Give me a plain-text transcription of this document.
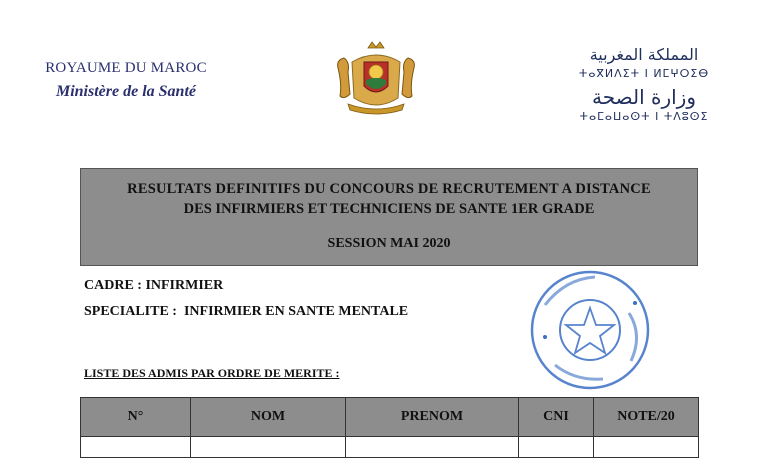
ROYAUME DU MAROC
Ministère de la Santé
المملكة المغربية
ⵜⴰⴳⵍⴷⵉⵜ ⵏ ⵍⵎⵖⵔⵉⴱ
وزارة الصحة
ⵜⴰⵎⴰⵡⴰⵙⵜ ⵏ ⵜⴷⵓⵙⵉ
RESULTATS DEFINITIFS DU CONCOURS DE RECRUTEMENT A DISTANCE
DES INFIRMIERS ET TECHNICIENS DE SANTE 1ER GRADE
SESSION MAI 2020
CADRE : INFIRMIER
SPECIALITE :  INFIRMIER EN SANTE MENTALE
LISTE DES ADMIS PAR ORDRE DE MERITE :
N°	NOM	PRENOM	CNI	NOTE/20
